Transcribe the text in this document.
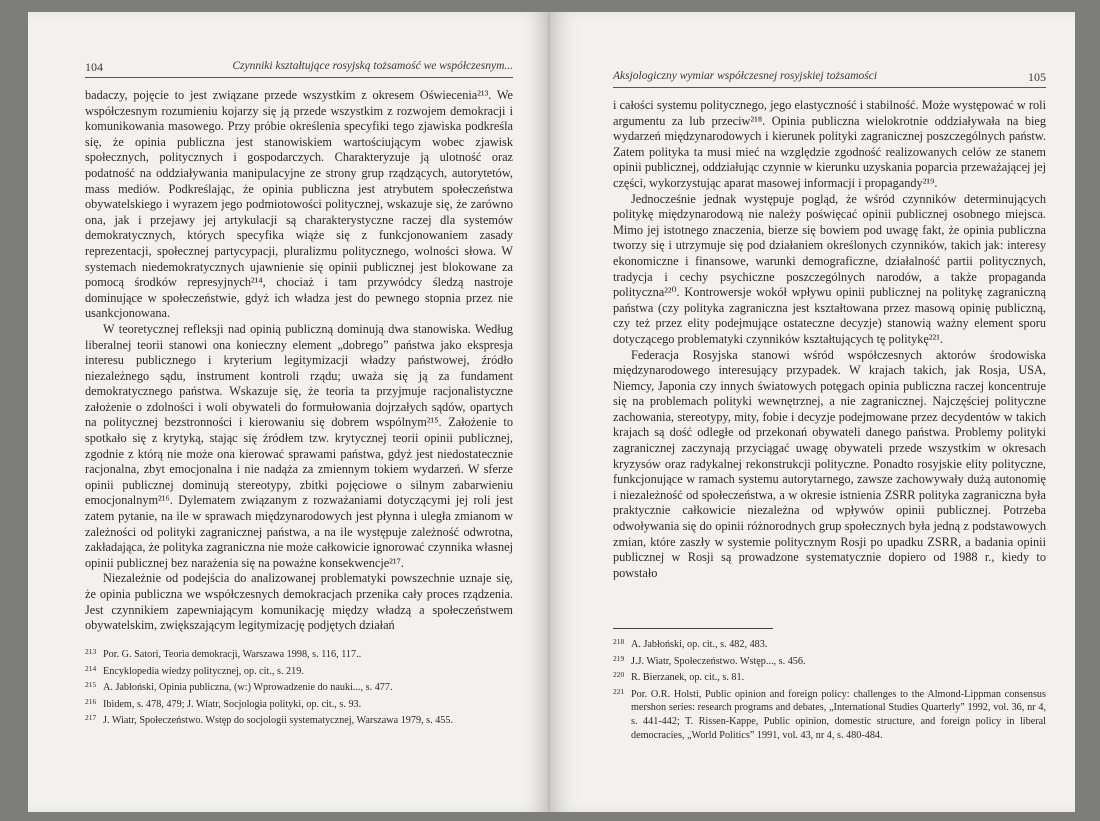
104	Czynniki kształtujące rosyjską tożsamość we współczesnym...

badaczy, pojęcie to jest związane przede wszystkim z okresem Oświecenia²¹³. We współczesnym rozumieniu kojarzy się ją przede wszystkim z rozwojem demokracji i komunikowania masowego. Przy próbie określenia specyfiki tego zjawiska podkreśla się, że opinia publiczna jest stanowiskiem wartościującym wobec zjawisk społecznych, politycznych i gospodarczych. Charakteryzuje ją ulotność oraz podatność na oddziaływania manipulacyjne ze strony grup rządzących, autorytetów, mass mediów. Podkreślając, że opinia publiczna jest atrybutem społeczeństwa obywatelskiego i wyrazem jego podmiotowości politycznej, wskazuje się, że zarówno ona, jak i przejawy jej artykulacji są charakterystyczne raczej dla systemów demokratycznych, których specyfika wiąże się z funkcjonowaniem zasady reprezentacji, społecznej partycypacji, pluralizmu politycznego, wolności słowa. W systemach niedemokratycznych ujawnienie się opinii publicznej jest blokowane za pomocą środków represyjnych²¹⁴, chociaż i tam przywódcy śledzą nastroje dominujące w społeczeństwie, gdyż ich władza jest do pewnego stopnia przez nie usankcjonowana.

W teoretycznej refleksji nad opinią publiczną dominują dwa stanowiska. Według liberalnej teorii stanowi ona konieczny element „dobrego” państwa jako ekspresja interesu publicznego i kryterium legitymizacji władzy państwowej, źródło niezależnego sądu, instrument kontroli rządu; uważa się ją za fundament demokratycznego państwa. Wskazuje się, że teoria ta przyjmuje racjonalistyczne założenie o zdolności i woli obywateli do formułowania dojrzałych sądów, opartych na politycznej bezstronności i kierowaniu się dobrem wspólnym²¹⁵. Założenie to spotkało się z krytyką, stając się źródłem tzw. krytycznej teorii opinii publicznej, zgodnie z którą nie może ona kierować sprawami państwa, gdyż jest niedostatecznie racjonalna, zbyt emocjonalna i nie nadąża za zmiennym tokiem wydarzeń. W sferze opinii publicznej dominują stereotypy, zbitki pojęciowe o silnym zabarwieniu emocjonalnym²¹⁶. Dylematem związanym z rozważaniami dotyczącymi jej roli jest zatem pytanie, na ile w sprawach międzynarodowych jest płynna i uległa zmianom w zależności od polityki zagranicznej państwa, a na ile występuje zależność odwrotna, zakładająca, że polityka zagraniczna nie może całkowicie ignorować czynnika własnej opinii publicznej bez narażenia się na poważne konsekwencje²¹⁷.

Niezależnie od podejścia do analizowanej problematyki powszechnie uznaje się, że opinia publiczna we współczesnych demokracjach przenika cały proces rządzenia. Jest czynnikiem zapewniającym komunikację między władzą a społeczeństwem obywatelskim, zwiększającym legitymizację podjętych działań

213 Por. G. Satori, Teoria demokracji, Warszawa 1998, s. 116, 117..
214 Encyklopedia wiedzy politycznej, op. cit., s. 219.
215 A. Jabłoński, Opinia publiczna, (w:) Wprowadzenie do nauki..., s. 477.
216 Ibidem, s. 478, 479; J. Wiatr, Socjologia polityki, op. cit., s. 93.
217 J. Wiatr, Społeczeństwo. Wstęp do socjologii systematycznej, Warszawa 1979, s. 455.
Aksjologiczny wymiar współczesnej rosyjskiej tożsamości	105

i całości systemu politycznego, jego elastyczność i stabilność. Może występować w roli argumentu za lub przeciw²¹⁸. Opinia publiczna wielokrotnie oddziaływała na bieg wydarzeń międzynarodowych i kierunek polityki zagranicznej poszczególnych państw. Zatem polityka ta musi mieć na względzie zgodność realizowanych celów ze stanem opinii publicznej, oddziałując czynnie w kierunku uzyskania poparcia przeważającej jej części, wykorzystując aparat masowej informacji i propagandy²¹⁹.

Jednocześnie jednak występuje pogląd, że wśród czynników determinujących politykę międzynarodową nie należy poświęcać opinii publicznej osobnego miejsca. Mimo jej istotnego znaczenia, bierze się bowiem pod uwagę fakt, że opinia publiczna tworzy się i utrzymuje się pod działaniem określonych czynników, takich jak: interesy ekonomiczne i finansowe, warunki demograficzne, działalność partii politycznych, tradycja i cechy psychiczne poszczególnych narodów, a także propaganda polityczna²²⁰. Kontrowersje wokół wpływu opinii publicznej na politykę zagraniczną państwa (czy polityka zagraniczna jest kształtowana przez masową opinię publiczną, czy też przez elity podejmujące ostateczne decyzje) stanowią ważny element sporu dotyczącego problematyki czynników kształtujących tę politykę²²¹.

Federacja Rosyjska stanowi wśród współczesnych aktorów środowiska międzynarodowego interesujący przypadek. W krajach takich, jak Rosja, USA, Niemcy, Japonia czy innych światowych potęgach opinia publiczna raczej koncentruje się na problemach polityki wewnętrznej, a nie zagranicznej. Najczęściej polityczne zachowania, stereotypy, mity, fobie i decyzje podejmowane przez decydentów w takich krajach są dość odległe od przekonań obywateli danego państwa. Problemy polityki zagranicznej zaczynają przyciągać uwagę obywateli przede wszystkim w okresach kryzysów oraz radykalnej rekonstrukcji polityczne. Ponadto rosyjskie elity polityczne, funkcjonujące w ramach systemu autorytarnego, zawsze zachowywały dużą autonomię i niezależność od społeczeństwa, a w okresie istnienia ZSRR polityka zagraniczna była praktycznie całkowicie niezależna od wpływów opinii publicznej. Potrzeba odwoływania się do opinii różnorodnych grup społecznych była jedną z podstawowych zmian, które zaszły w systemie politycznym Rosji po upadku ZSRR, a badania opinii publicznej w Rosji są prowadzone systematycznie dopiero od 1988 r., kiedy to powstało

218 A. Jabłoński, op. cit., s. 482, 483.
219 J.J. Wiatr, Społeczeństwo. Wstęp..., s. 456.
220 R. Bierzanek, op. cit., s. 81.
221 Por. O.R. Holsti, Public opinion and foreign policy: challenges to the Almond-Lippman consensus mershon series: research programs and debates, „International Studies Quarterly” 1992, vol. 36, nr 4, s. 441-442; T. Rissen-Kappe, Public opinion, domestic structure, and foreign policy in liberal democracies, „World Politics” 1991, vol. 43, nr 4, s. 480-484.
